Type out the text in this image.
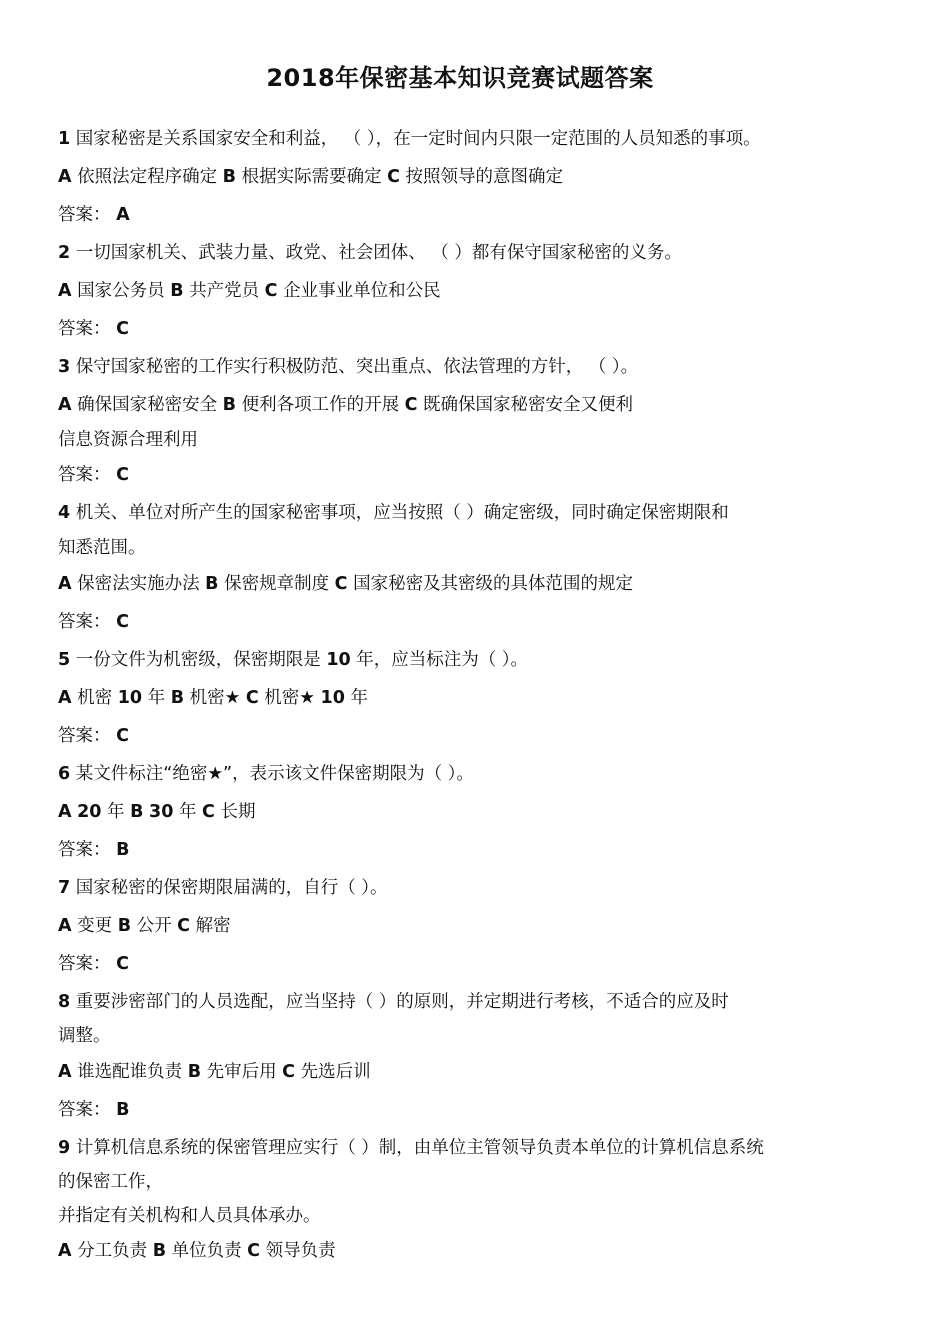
2018年保密基本知识竞赛试题答案
1 国家秘密是关系国家安全和利益， （ ），在一定时间内只限一定范围的人员知悉的事项。
A 依照法定程序确定 B 根据实际需要确定 C 按照领导的意图确定
答案： A
2 一切国家机关、武装力量、政党、社会团体、 （ ）都有保守国家秘密的义务。
A 国家公务员 B 共产党员 C 企业事业单位和公民
答案： C
3 保守国家秘密的工作实行积极防范、突出重点、依法管理的方针， （ ）。
A 确保国家秘密安全 B 便利各项工作的开展 C 既确保国家秘密安全又便利
信息资源合理利用
答案： C
4 机关、单位对所产生的国家秘密事项，应当按照（ ）确定密级，同时确定保密期限和
知悉范围。
A 保密法实施办法 B 保密规章制度 C 国家秘密及其密级的具体范围的规定
答案： C
5 一份文件为机密级，保密期限是 10 年，应当标注为（ ）。
A 机密 10 年 B 机密★ C 机密★ 10 年
答案： C
6 某文件标注“绝密★”，表示该文件保密期限为（ ）。
A 20 年 B 30 年 C 长期
答案： B
7 国家秘密的保密期限届满的，自行（ ）。
A 变更 B 公开 C 解密
答案： C
8 重要涉密部门的人员选配，应当坚持（ ）的原则，并定期进行考核，不适合的应及时
调整。
A 谁选配谁负责 B 先审后用 C 先选后训
答案： B
9 计算机信息系统的保密管理应实行（ ）制，由单位主管领导负责本单位的计算机信息系统
的保密工作，
并指定有关机构和人员具体承办。
A 分工负责 B 单位负责 C 领导负责
